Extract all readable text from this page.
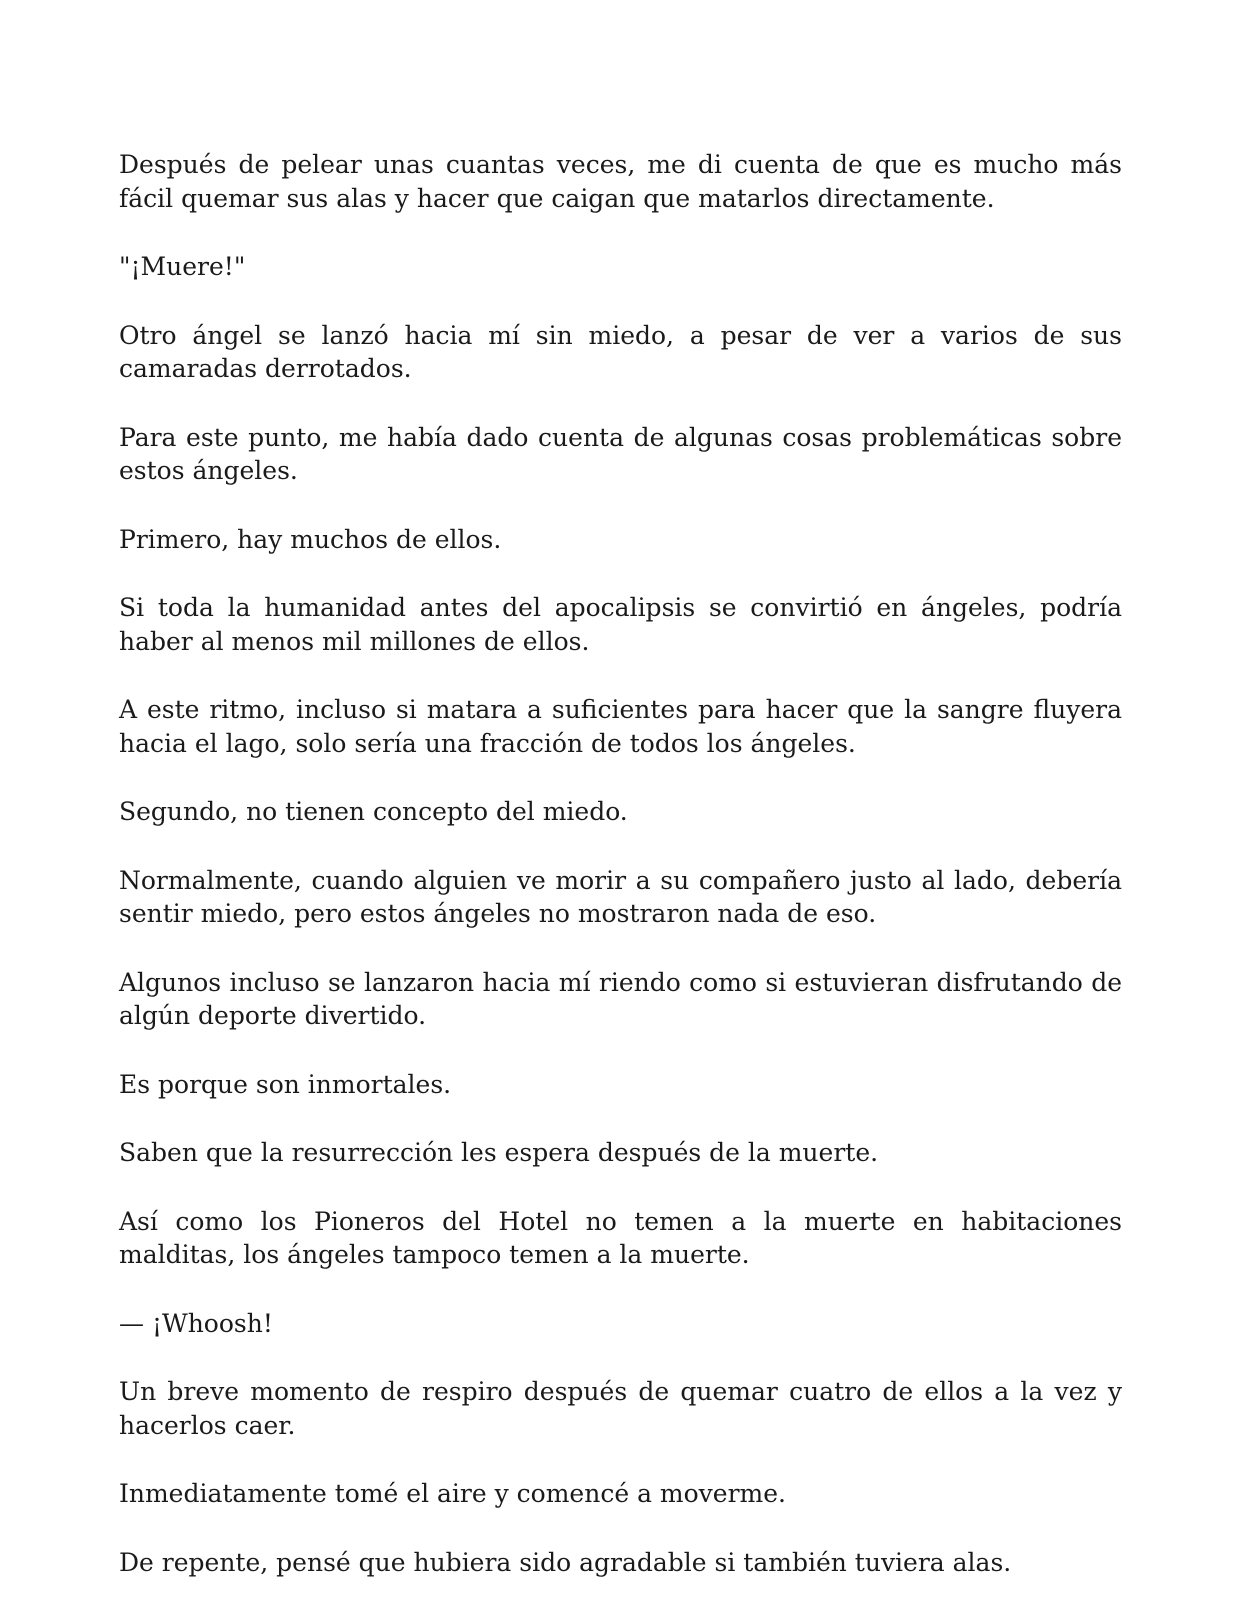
Después de pelear unas cuantas veces, me di cuenta de que es mucho más fácil quemar sus alas y hacer que caigan que matarlos directamente.

"¡Muere!"

Otro ángel se lanzó hacia mí sin miedo, a pesar de ver a varios de sus camaradas derrotados.

Para este punto, me había dado cuenta de algunas cosas problemáticas sobre estos ángeles.

Primero, hay muchos de ellos.

Si toda la humanidad antes del apocalipsis se convirtió en ángeles, podría haber al menos mil millones de ellos.

A este ritmo, incluso si matara a suficientes para hacer que la sangre fluyera hacia el lago, solo sería una fracción de todos los ángeles.

Segundo, no tienen concepto del miedo.

Normalmente, cuando alguien ve morir a su compañero justo al lado, debería sentir miedo, pero estos ángeles no mostraron nada de eso.

Algunos incluso se lanzaron hacia mí riendo como si estuvieran disfrutando de algún deporte divertido.

Es porque son inmortales.

Saben que la resurrección les espera después de la muerte.

Así como los Pioneros del Hotel no temen a la muerte en habitaciones malditas, los ángeles tampoco temen a la muerte.

— ¡Whoosh!

Un breve momento de respiro después de quemar cuatro de ellos a la vez y hacerlos caer.

Inmediatamente tomé el aire y comencé a moverme.

De repente, pensé que hubiera sido agradable si también tuviera alas.
